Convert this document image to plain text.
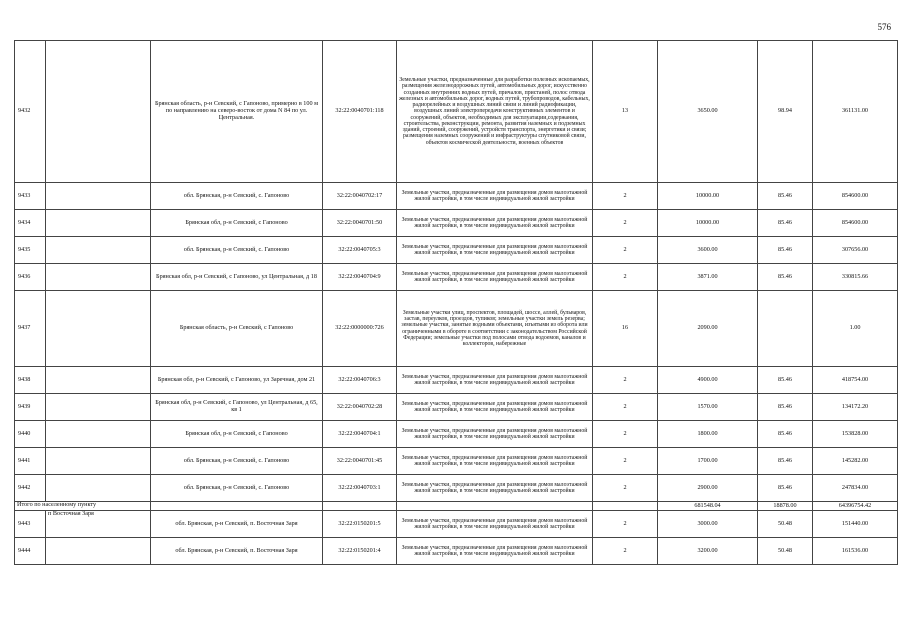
576
9432		Брянская область, р-н Севский, с Гапоново, примерно в 100 м по направлению на северо-восток от дома N 84 по ул. Центральная.	32:22:0040701:118	Земельные участки, предназначенные для разработки полезных ископаемых, размещения железнодорожных путей, автомобильных дорог, искусственно созданных внутренних водных путей, причалов, пристаней, полос отвода железных и автомобильных дорог, водных путей, трубопроводов, кабельных, радиорелейных и воздушных линий связи и линий радиофикации, воздушных линий электропередачи конструктивных элементов и сооружений, объектов, необходимых для эксплуатации,содержания, строительства, реконструкции, ремонта, развития наземных и подземных зданий, строений, сооружений, устройств транспорта, энергетики и связи; размещения наземных сооружений и инфраструктуры спутниковой связи, объектов космической деятельности, военных объектов	13	3650.00	98.94	361131.00
9433		обл. Брянская, р-н Севский, с. Гапоново	32:22:0040702:17	Земельные участки, предназначенные для размещения домов малоэтажной жилой застройки, в том числе индивидуальной жилой застройки	2	10000.00	85.46	854600.00
9434		Брянская обл, р-н Севский, с Гапоново	32:22:0040701:50	Земельные участки, предназначенные для размещения домов малоэтажной жилой застройки, в том числе индивидуальной жилой застройки	2	10000.00	85.46	854600.00
9435		обл. Брянская, р-н Севский, с. Гапоново	32:22:0040705:3	Земельные участки, предназначенные для размещения домов малоэтажной жилой застройки, в том числе индивидуальной жилой застройки	2	3600.00	85.46	307656.00
9436		Брянская обл, р-н Севский, с Гапоново, ул Центральная, д 18	32:22:0040704:9	Земельные участки, предназначенные для размещения домов малоэтажной жилой застройки, в том числе индивидуальной жилой застройки	2	3871.00	85.46	330815.66
9437		Брянская область, р-н Севский, с Гапоново	32:22:0000000:726	Земельные участки улиц, проспектов, площадей, шоссе, аллей, бульваров, застав, переулков, проездов, тупиков; земельные участки земель резерва; земельные участки, занятые водными объектами, изъятыми из оборота или ограниченными в обороте в соответствии с законодательством Российской Федерации; земельные участки под полосами отвода водоемов, каналов и коллекторов, набережные	16	2090.00		1.00
9438		Брянская обл, р-н Севский, с Гапоново, ул Заречная, дом 21	32:22:0040706:3	Земельные участки, предназначенные для размещения домов малоэтажной жилой застройки, в том числе индивидуальной жилой застройки	2	4900.00	85.46	418754.00
9439		Брянская обл, р-н Севский, с Гапоново, ул Центральная, д 65, кв 1	32:22:0040702:28	Земельные участки, предназначенные для размещения домов малоэтажной жилой застройки, в том числе индивидуальной жилой застройки	2	1570.00	85.46	134172.20
9440		Брянская обл, р-н Севский, с Гапоново	32:22:0040704:1	Земельные участки, предназначенные для размещения домов малоэтажной жилой застройки, в том числе индивидуальной жилой застройки	2	1800.00	85.46	153828.00
9441		обл. Брянская, р-н Севский, с. Гапоново	32:22:0040701:45	Земельные участки, предназначенные для размещения домов малоэтажной жилой застройки, в том числе индивидуальной жилой застройки	2	1700.00	85.46	145282.00
9442		обл. Брянская, р-н Севский, с. Гапоново	32:22:0040703:1	Земельные участки, предназначенные для размещения домов малоэтажной жилой застройки, в том числе индивидуальной жилой застройки	2	2900.00	85.46	247834.00
Итого по населенному пункту						681548.04	18878.00	64396754.42
9443	п Восточная Заря	обл. Брянская, р-н Севский, п. Восточная Заря	32:22:0150201:5	Земельные участки, предназначенные для размещения домов малоэтажной жилой застройки, в том числе индивидуальной жилой застройки	2	3000.00	50.48	151440.00
9444		обл. Брянская, р-н Севский, п. Восточная Заря	32:22:0150201:4	Земельные участки, предназначенные для размещения домов малоэтажной жилой застройки, в том числе индивидуальной жилой застройки	2	3200.00	50.48	161536.00
